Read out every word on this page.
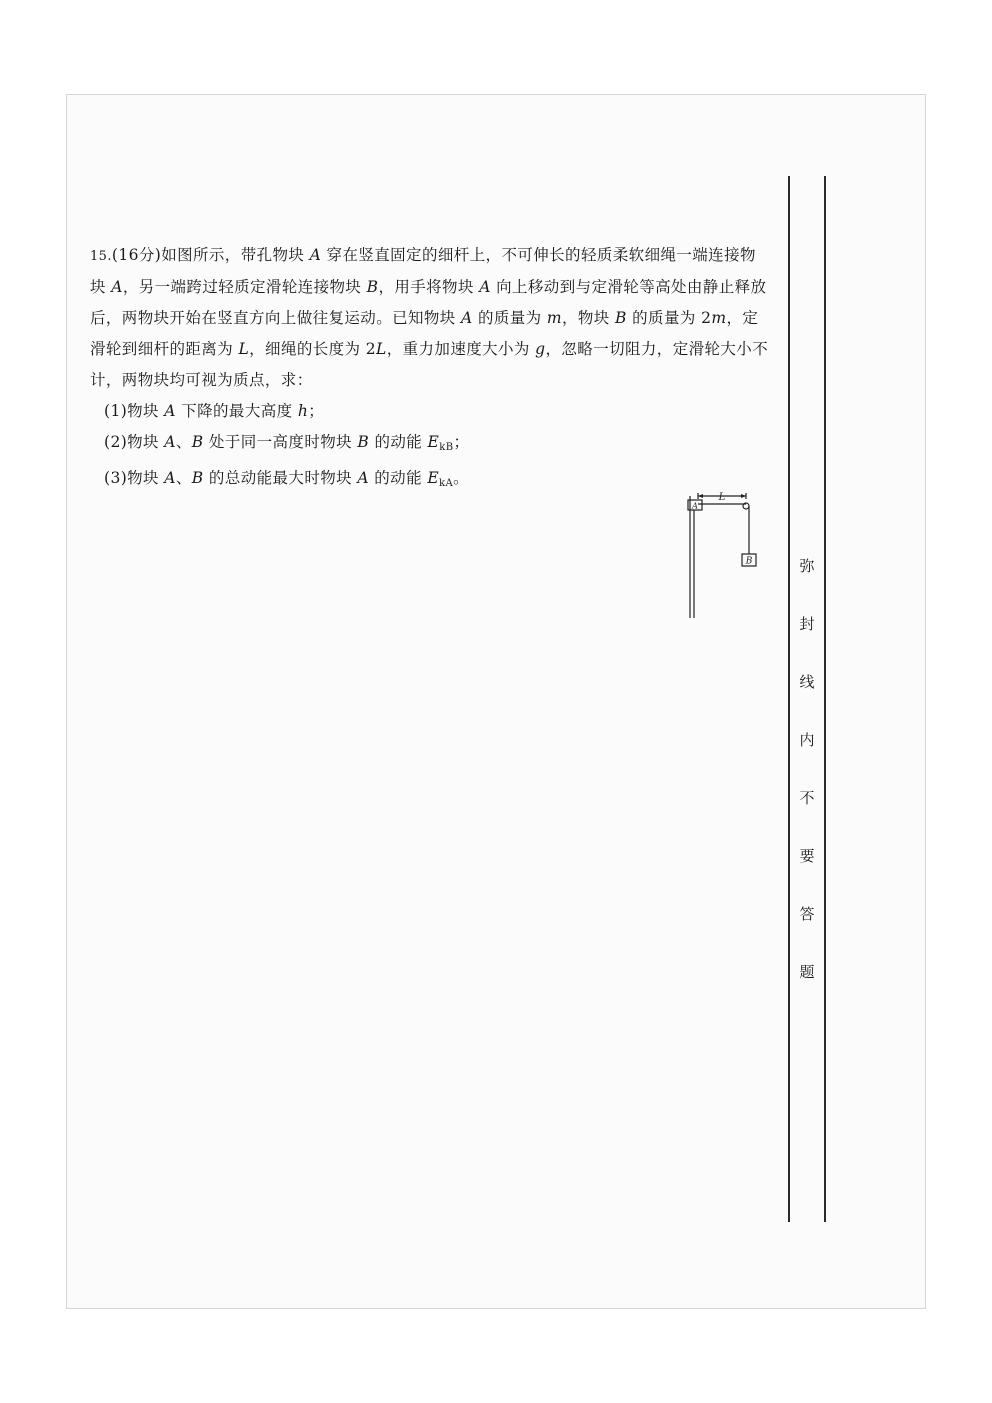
15.(16分)如图所示，带孔物块 A 穿在竖直固定的细杆上，不可伸长的轻质柔软细绳一端连接物块 A，另一端跨过轻质定滑轮连接物块 B，用手将物块 A 向上移动到与定滑轮等高处由静止释放后，两物块开始在竖直方向上做往复运动。已知物块 A 的质量为 m，物块 B 的质量为 2m，定滑轮到细杆的距离为 L，细绳的长度为 2L，重力加速度大小为 g，忽略一切阻力，定滑轮大小不计，两物块均可视为质点，求：

(1)物块 A 下降的最大高度 h；

(2)物块 A、B 处于同一高度时物块 B 的动能 $E_{kB}$；

(3)物块 A、B 的总动能最大时物块 A 的动能 $E_{kA}$。

L
A
B	弥
封
线
内
不
要
答
题
